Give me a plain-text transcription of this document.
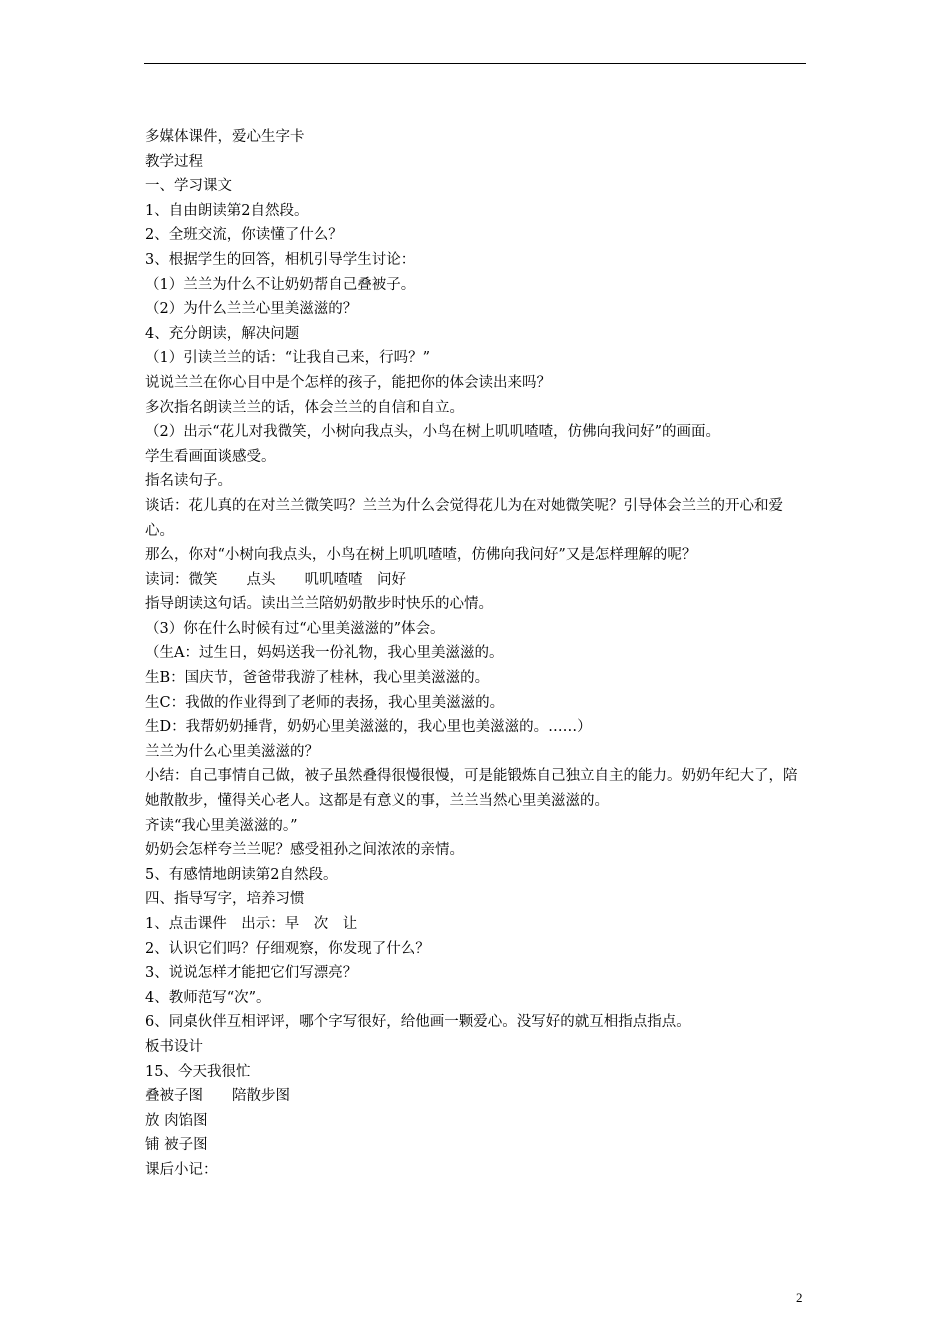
多媒体课件，爱心生字卡
教学过程
一、学习课文
1、自由朗读第2自然段。
2、全班交流，你读懂了什么？
3、根据学生的回答，相机引导学生讨论：
（1）兰兰为什么不让奶奶帮自己叠被子。
（2）为什么兰兰心里美滋滋的？
4、充分朗读，解决问题
（1）引读兰兰的话：“让我自己来，行吗？”
说说兰兰在你心目中是个怎样的孩子，能把你的体会读出来吗？
多次指名朗读兰兰的话，体会兰兰的自信和自立。
（2）出示“花儿对我微笑，小树向我点头，小鸟在树上叽叽喳喳，仿佛向我问好”的画面。
学生看画面谈感受。
指名读句子。
谈话：花儿真的在对兰兰微笑吗？兰兰为什么会觉得花儿为在对她微笑呢？引导体会兰兰的开心和爱心。
那么，你对“小树向我点头，小鸟在树上叽叽喳喳，仿佛向我问好”又是怎样理解的呢？
读词：微笑　　点头　　叽叽喳喳　问好
指导朗读这句话。读出兰兰陪奶奶散步时快乐的心情。
（3）你在什么时候有过“心里美滋滋的”体会。
（生A：过生日，妈妈送我一份礼物，我心里美滋滋的。
生B：国庆节，爸爸带我游了桂林，我心里美滋滋的。
生C：我做的作业得到了老师的表扬，我心里美滋滋的。
生D：我帮奶奶捶背，奶奶心里美滋滋的，我心里也美滋滋的。……）
兰兰为什么心里美滋滋的？
小结：自己事情自己做，被子虽然叠得很慢很慢，可是能锻炼自己独立自主的能力。奶奶年纪大了，陪她散散步，懂得关心老人。这都是有意义的事，兰兰当然心里美滋滋的。
齐读“我心里美滋滋的。”
奶奶会怎样夸兰兰呢？感受祖孙之间浓浓的亲情。
5、有感情地朗读第2自然段。
四、指导写字，培养习惯
1、点击课件　出示：早　次　让
2、认识它们吗？仔细观察，你发现了什么？
3、说说怎样才能把它们写漂亮？
4、教师范写“次”。
6、同桌伙伴互相评评，哪个字写很好，给他画一颗爱心。没写好的就互相指点指点。
板书设计
15、今天我很忙
叠被子图　　陪散步图
放 肉馅图
铺 被子图
课后小记：
2
